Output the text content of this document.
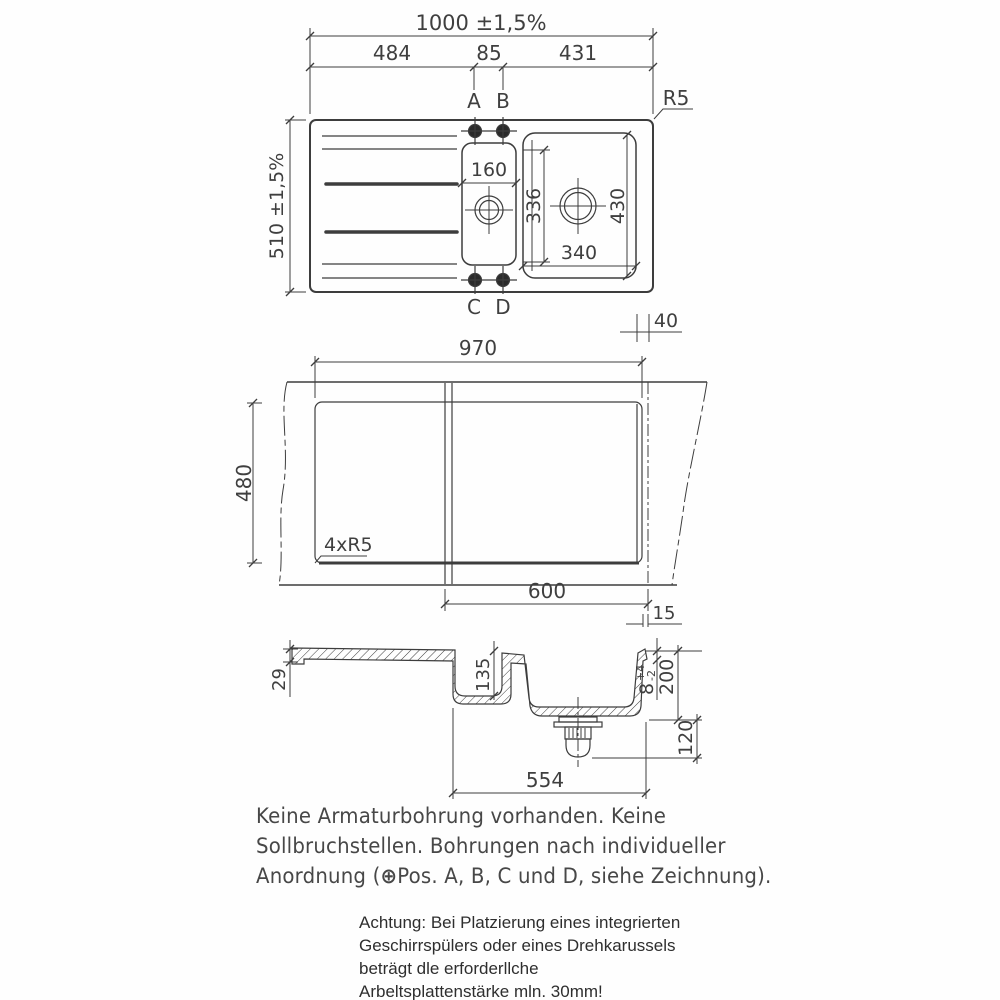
1000 ±1,5%
484	85	431
A B	R5
510 ±1,5%	160
336	430
340
C D
40
970
480
4xR5
600
15
29	135	8
+4
-2
200
120
554
Keine Armaturbohrung vorhanden. Keine
Sollbruchstellen. Bohrungen nach individueller
Anordnung (⊕Pos. A, B, C und D, siehe Zeichnung).
Achtung: Bei Platzierung eines integrierten
Geschirrspülers oder eines Drehkarussels
beträgt dle erforderllche
Arbeltsplattenstärke mln. 30mm!
